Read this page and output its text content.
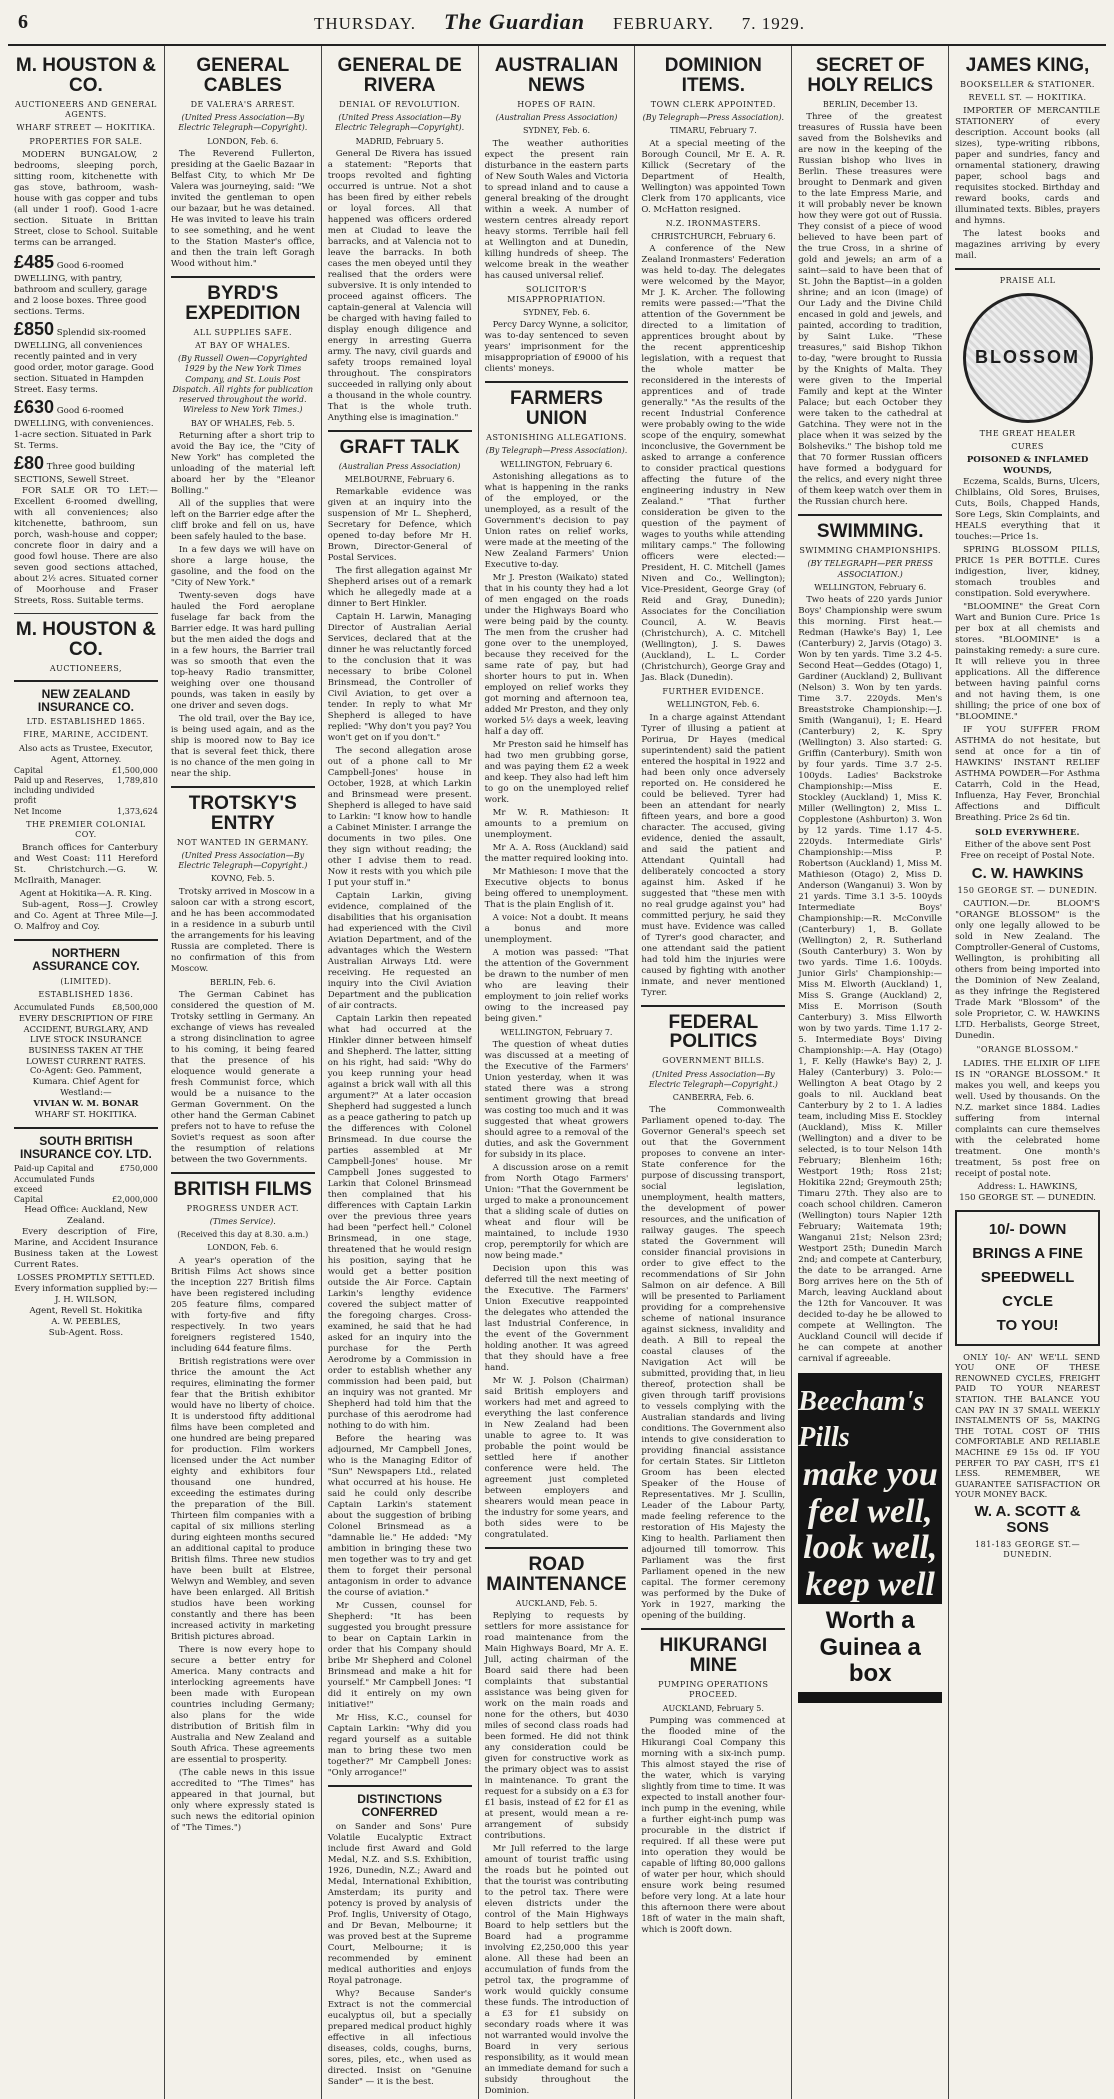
6	THURSDAY. The Guardian FEBRUARY. 7. 1929.

M. HOUSTON & CO.
AUCTIONEERS AND GENERAL AGENTS.
WHARF STREET — HOKITIKA.
PROPERTIES FOR SALE.

MODERN BUNGALOW, 2 bedrooms, sleeping porch, sitting room, kitchenette with gas stove, bathroom, wash-house with gas copper and tubs (all under 1 roof). Good 1-acre section. Situate in Brittan Street, close to School. Suitable terms can be arranged.

£485 Good 6-roomed DWELLING, with pantry, bathroom and scullery, garage and 2 loose boxes. Three good sections. Terms.
£850 Splendid six-roomed DWELLING, all conveniences recently painted and in very good order, motor garage. Good section. Situated in Hampden Street. Easy terms.
£630 Good 6-roomed DWELLING, with conveniences. 1-acre section. Situated in Park St. Terms.
£80 Three good building SECTIONS, Sewell Street.

FOR SALE OR TO LET:—Excellent 6-roomed dwelling, with all conveniences; also kitchenette, bathroom, sun porch, wash-house and copper; concrete floor in dairy and a good fowl house. There are also seven good sections attached, about 2½ acres. Situated corner of Moorhouse and Fraser Streets, Ross. Suitable terms.

M. HOUSTON & CO.
AUCTIONEERS,
NEW ZEALAND INSURANCE CO.
LTD. ESTABLISHED 1865.
FIRE, MARINE, ACCIDENT.
Also acts as Trustee, Executor, Agent, Attorney.
Capital	£1,500,000
Paid up and Reserves, including undivided profit
1,789,810
Net Income	1,373,624
THE PREMIER COLONIAL COY.

Branch offices for Canterbury and West Coast: 111 Hereford St. Christchurch.—G. W. McIlraith, Manager.

Agent at Hokitika—A. R. King.

Sub-agent, Ross—J. Crowley and Co. Agent at Three Mile—J. O. Malfroy and Coy.

NORTHERN ASSURANCE COY.
(LIMITED).
ESTABLISHED 1836.
Accumulated Funds £8,500,000
EVERY DESCRIPTION OF FIRE ACCIDENT, BURGLARY, AND LIVE STOCK INSURANCE BUSINESS TAKEN AT THE LOWEST CURRENT RATES.
Co-Agent: Geo. Pamment, Kumara. Chief Agent for Westland:—
VIVIAN W. M. BONAR
WHARF ST. HOKITIKA.
SOUTH BRITISH INSURANCE COY. LTD.
Paid-up Capital and Accumulated Funds exceed
£750,000
Capital	£2,000,000
Head Office: Auckland, New Zealand.

Every description of Fire, Marine, and Accident Insurance Business taken at the Lowest Current Rates.

LOSSES PROMPTLY SETTLED.
Every information supplied by:—
J. H. WILSON,
Agent, Revell St. Hokitika
A. W. PEEBLES,
Sub-Agent. Ross.
GENERAL CABLES
DE VALERA'S ARREST.
(United Press Association—By Electric Telegraph—Copyright).
LONDON, Feb. 6.

The Reverend Fullerton, presiding at the Gaelic Bazaar in Belfast City, to which Mr De Valera was journeying, said: "We invited the gentleman to open our bazaar, but he was detained. He was invited to leave his train to see something, and he went to the Station Master's office, and then the train left Goragh Wood without him."

BYRD'S EXPEDITION
ALL SUPPLIES SAFE.
AT BAY OF WHALES.
(By Russell Owen—Copyrighted 1929 by the New York Times Company, and St. Louis Post Dispatch. All rights for publication reserved throughout the world. Wireless to New York Times.)
BAY OF WHALES, Feb. 5.

Returning after a short trip to avoid the Bay ice, the "City of New York" has completed the unloading of the material left aboard her by the "Eleanor Bolling."

All of the supplies that were left on the Barrier edge after the cliff broke and fell on us, have been safely hauled to the base.

In a few days we will have on shore a large house, the gasoline, and the food on the "City of New York."

Twenty-seven dogs have hauled the Ford aeroplane fuselage far back from the Barrier edge. It was hard pulling but the men aided the dogs and in a few hours, the Barrier trail was so smooth that even the top-heavy Radio transmitter, weighing over one thousand pounds, was taken in easily by one driver and seven dogs.

The old trail, over the Bay ice, is being used again, and as the ship is moored now to Bay ice that is several feet thick, there is no chance of the men going in near the ship.

TROTSKY'S ENTRY
NOT WANTED IN GERMANY.
(United Press Association—By Electric Telegraph—Copyright.)
KOVNO, Feb. 5.

Trotsky arrived in Moscow in a saloon car with a strong escort, and he has been accommodated in a residence in a suburb until the arrangements for his leaving Russia are completed. There is no confirmation of this from Moscow.

BERLIN, Feb. 6.

The German Cabinet has considered the question of M. Trotsky settling in Germany. An exchange of views has revealed a strong disinclination to agree to his coming, it being feared that the presence of his eloquence would generate a fresh Communist force, which would be a nuisance to the German Government. On the other hand the German Cabinet prefers not to have to refuse the Soviet's request as soon after the resumption of relations between the two Governments.

BRITISH FILMS
PROGRESS UNDER ACT.
(Times Service).
(Received this day at 8.30. a.m.)
LONDON, Feb. 6.

A year's operation of the British Films Act shows since the inception 227 British films have been registered including 205 feature films, compared with forty-five and fifty respectively. In two years foreigners registered 1540, including 644 feature films.

British registrations were over thrice the amount the Act requires, eliminating the former fear that the British exhibitor would have no liberty of choice. It is understood fifty additional films have been completed and one hundred are being prepared for production. Film workers licensed under the Act number eighty and exhibitors four thousand one hundred, exceeding the estimates during the preparation of the Bill. Thirteen film companies with a capital of six millions sterling during eighteen months secured an additional capital to produce British films. Three new studios have been built at Elstree, Welwyn and Wembley, and seven have been enlarged. All British studios have been working constantly and there has been increased activity in marketing British pictures abroad.

There is now every hope to secure a better entry for America. Many contracts and interlocking agreements have been made with European countries including Germany; also plans for the wide distribution of British film in Australia and New Zealand and South Africa. These agreements are essential to prosperity.

(The cable news in this issue accredited to "The Times" has appeared in that journal, but only where expressly stated is such news the editorial opinion of "The Times.")

GENERAL DE RIVERA
DENIAL OF REVOLUTION.
(United Press Association—By Electric Telegraph—Copyright).
MADRID, February 5.

General De Rivera has issued a statement: "Reports that troops revolted and fighting occurred is untrue. Not a shot has been fired by either rebels or loyal forces. All that happened was officers ordered men at Ciudad to leave the barracks, and at Valencia not to leave the barracks. In both cases the men obeyed until they realised that the orders were subversive. It is only intended to proceed against officers. The captain-general at Valencia will be charged with having failed to display enough diligence and energy in arresting Guerra army. The navy, civil guards and safety troops remained loyal throughout. The conspirators succeeded in rallying only about a thousand in the whole country. That is the whole truth. Anything else is imagination."

GRAFT TALK
(Australian Press Association)
MELBOURNE, February 6.

Remarkable evidence was given at an inquiry into the suspension of Mr L. Shepherd, Secretary for Defence, which opened to-day before Mr H. Brown, Director-General of Postal Services.

The first allegation against Mr Shepherd arises out of a remark which he allegedly made at a dinner to Bert Hinkler.

Captain H. Larwin, Managing Director of Australian Aerial Services, declared that at the dinner he was reluctantly forced to the conclusion that it was necessary to bribe Colonel Brinsmead, the Controller of Civil Aviation, to get over a tender. In reply to what Mr Shepherd is alleged to have replied: "Why don't you pay? You won't get on if you don't."

The second allegation arose out of a phone call to Mr Campbell-Jones' house in October, 1928, at which Larkin and Brinsmead were present. Shepherd is alleged to have said to Larkin: "I know how to handle a Cabinet Minister. I arrange the documents in two piles. One they sign without reading; the other I advise them to read. Now it rests with you which pile I put your stuff in."

Captain Larkin, giving evidence, complained of the disabilities that his organisation had experienced with the Civil Aviation Department, and of the advantages which the Western Australian Airways Ltd. were receiving. He requested an inquiry into the Civil Aviation Department and the publication of air contracts.

Captain Larkin then repeated what had occurred at the Hinkler dinner between himself and Shepherd. The latter, sitting on his right, had said: "Why do you keep running your head against a brick wall with all this argument?" At a later occasion Shepherd had suggested a lunch as a peace gathering to patch up the differences with Colonel Brinsmead. In due course the parties assembled at Mr Campbell-Jones' house. Mr Campbell Jones suggested to Larkin that Colonel Brinsmead then complained that his differences with Captain Larkin over the previous three years had been "perfect hell." Colonel Brinsmead, in one stage, threatened that he would resign his position, saying that he would get a better position outside the Air Force. Captain Larkin's lengthy evidence covered the subject matter of the foregoing charges. Cross-examined, he said that he had asked for an inquiry into the purchase for the Perth Aerodrome by a Commission in order to establish whether any commission had been paid, but an inquiry was not granted. Mr Shepherd had told him that the purchase of this aerodrome had nothing to do with him.

Before the hearing was adjourned, Mr Campbell Jones, who is the Managing Editor of "Sun" Newspapers Ltd., related what occurred at his house. He said he could only describe Captain Larkin's statement about the suggestion of bribing Colonel Brinsmead as a "damnable lie." He added: "My ambition in bringing these two men together was to try and get them to forget their personal antagonism in order to advance the course of aviation."

Mr Cussen, counsel for Shepherd: "It has been suggested you brought pressure to bear on Captain Larkin in order that his Company should bribe Mr Shepherd and Colonel Brinsmead and make a hit for yourself." Mr Campbell Jones: "I did it entirely on my own initiative!"

Mr Hiss, K.C., counsel for Captain Larkin: "Why did you regard yourself as a suitable man to bring these two men together?" Mr Campbell Jones: "Only arrogance!"

DISTINCTIONS CONFERRED

on Sander and Sons' Pure Volatile Eucalyptic Extract include first Award and Gold Medal, N.Z. and S.S. Exhibition, 1926, Dunedin, N.Z.; Award and Medal, International Exhibition, Amsterdam; its purity and potency is proved by analysis of Prof. Inglis, University of Otago, and Dr Bevan, Melbourne; it was proved best at the Supreme Court, Melbourne; it is recommended by eminent medical authorities and enjoys Royal patronage.

Why? Because Sander's Extract is not the commercial eucalyptus oil, but a specially prepared medical product highly effective in all infectious diseases, colds, coughs, burns, sores, piles, etc., when used as directed. Insist on "Genuine Sander" — it is the best.

AUSTRALIAN NEWS
HOPES OF RAIN.
(Australian Press Association)
SYDNEY, Feb. 6.

The weather authorities expect the present rain disturbance in the eastern parts of New South Wales and Victoria to spread inland and to cause a general breaking of the drought within a week. A number of western centres already report heavy storms. Terrible hail fell at Wellington and at Dunedin, killing hundreds of sheep. The welcome break in the weather has caused universal relief.

SOLICITOR'S MISAPPROPRIATION.
SYDNEY, Feb. 6.

Percy Darcy Wynne, a solicitor, was to-day sentenced to seven years' imprisonment for the misappropriation of £9000 of his clients' moneys.

FARMERS UNION
ASTONISHING ALLEGATIONS.
(By Telegraph—Press Association).
WELLINGTON, February 6.

Astonishing allegations as to what is happening in the ranks of the employed, or the unemployed, as a result of the Government's decision to pay Union rates on relief works, were made at the meeting of the New Zealand Farmers' Union Executive to-day.

Mr J. Preston (Waikato) stated that in his county they had a lot of men engaged on the roads under the Highways Board who were being paid by the county. The men from the crusher had gone over to the unemployed, because they received for the same rate of pay, but had shorter hours to put in. When employed on relief works they got morning and afternoon tea, added Mr Preston, and they only worked 5½ days a week, leaving half a day off.

Mr Preston said he himself has had two men grubbing gorse, and was paying them £2 a week and keep. They also had left him to go on the unemployed relief work.

Mr W. R. Mathieson: It amounts to a premium on unemployment.

Mr A. A. Ross (Auckland) said the matter required looking into.

Mr Mathieson: I move that the Executive objects to bonus being offered to unemployment. That is the plain English of it.

A voice: Not a doubt. It means a bonus and more unemployment.

A motion was passed: "That the attention of the Government be drawn to the number of men who are leaving their employment to join relief works owing to the increased pay being given."

WELLINGTON, February 7.

The question of wheat duties was discussed at a meeting of the Executive of the Farmers' Union yesterday, when it was stated there was a strong sentiment growing that bread was costing too much and it was suggested that wheat growers should agree to a removal of the duties, and ask the Government for subsidy in its place.

A discussion arose on a remit from North Otago Farmers' Union: "That the Government be urged to make a pronouncement that a sliding scale of duties on wheat and flour will be maintained, to include 1930 crop, peremptorily for which are now being made."

Decision upon this was deferred till the next meeting of the Executive. The Farmers' Union Executive reappointed the delegates who attended the last Industrial Conference, in the event of the Government holding another. It was agreed that they should have a free hand.

Mr W. J. Polson (Chairman) said British employers and workers had met and agreed to everything the last conference in New Zealand had been unable to agree to. It was probable the point would be settled here if another conference were held. The agreement just completed between employers and shearers would mean peace in the industry for some years, and both sides were to be congratulated.

ROAD MAINTENANCE
AUCKLAND, Feb. 5.

Replying to requests by settlers for more assistance for road maintenance from the Main Highways Board, Mr A. E. Jull, acting chairman of the Board said there had been complaints that substantial assistance was being given for work on the main roads and none for the others, but 4030 miles of second class roads had been formed. He did not think any consideration could be given for constructive work as the primary object was to assist in maintenance. To grant the request for a subsidy on a £3 for £1 basis, instead of £2 for £1 as at present, would mean a re-arrangement of subsidy contributions.

Mr Jull referred to the large amount of tourist traffic using the roads but he pointed out that the tourist was contributing to the petrol tax. There were eleven districts under the control of the Main Highways Board to help settlers but the Board had a programme involving £2,250,000 this year alone. All these had been an accumulation of funds from the petrol tax, the programme of work would quickly consume these funds. The introduction of a £3 for £1 subsidy on secondary roads where it was not warranted would involve the Board in very serious responsibility, as it would mean an immediate demand for such a subsidy throughout the Dominion.

DOMINION ITEMS.
TOWN CLERK APPOINTED.
(By Telegraph—Press Association).
TIMARU, February 7.

At a special meeting of the Borough Council, Mr E. A. R. Killick (Secretary of the Department of Health, Wellington) was appointed Town Clerk from 170 applicants, vice O. McHatton resigned.

N.Z. IRONMASTERS.
CHRISTCHURCH, February 6.

A conference of the New Zealand Ironmasters' Federation was held to-day. The delegates were welcomed by the Mayor, Mr J. K. Archer. The following remits were passed:—"That the attention of the Government be directed to a limitation of apprentices brought about by the recent apprenticeship legislation, with a request that the whole matter be reconsidered in the interests of apprentices and of trade generally." "As the results of the recent Industrial Conference were probably owing to the wide scope of the enquiry, somewhat inconclusive, the Government be asked to arrange a conference to consider practical questions affecting the future of the engineering industry in New Zealand." "That further consideration be given to the question of the payment of wages to youths while attending military camps." The following officers were elected:—President, H. C. Mitchell (James Niven and Co., Wellington); Vice-President, George Gray (of Reid and Gray, Dunedin); Associates for the Conciliation Council, A. W. Beavis (Christchurch), A. C. Mitchell (Wellington), J. S. Dawes (Auckland), L. L. Corder (Christchurch), George Gray and Jas. Black (Dunedin).

FURTHER EVIDENCE.
WELLINGTON, Feb. 6.

In a charge against Attendant Tyrer of illusing a patient at Porirua, Dr Hayes (medical superintendent) said the patient entered the hospital in 1922 and had been only once adversely reported on. He considered he could be believed. Tyrer had been an attendant for nearly fifteen years, and bore a good character. The accused, giving evidence, denied the assault, and said the patient and Attendant Quintall had deliberately concocted a story against him. Asked if he suggested that "these men with no real grudge against you" had committed perjury, he said they must have. Evidence was called of Tyrer's good character, and one attendant said the patient had told him the injuries were caused by fighting with another inmate, and never mentioned Tyrer.

FEDERAL POLITICS
GOVERNMENT BILLS.
(United Press Association—By Electric Telegraph—Copyright.)
CANBERRA, Feb. 6.

The Commonwealth Parliament opened to-day. The Governor General's speech set out that the Government proposes to convene an inter-State conference for the purpose of discussing transport, social legislation, unemployment, health matters, the development of power resources, and the unification of railway gauges. The speech stated the Government will consider financial provisions in order to give effect to the recommendations of Sir John Salmon on air defence. A Bill will be presented to Parliament providing for a comprehensive scheme of national insurance against sickness, invalidity and death. A Bill to repeal the coastal clauses of the Navigation Act will be submitted, providing that, in lieu thereof, protection shall be given through tariff provisions to vessels complying with the Australian standards and living conditions. The Government also intends to give consideration to providing financial assistance for certain States. Sir Littleton Groom has been elected Speaker of the House of Representatives. Mr J. Scullin, Leader of the Labour Party, made feeling reference to the restoration of His Majesty the King to health. Parliament then adjourned till tomorrow. This Parliament was the first Parliament opened in the new capital. The former ceremony was performed by the Duke of York in 1927, marking the opening of the building.

HIKURANGI MINE
PUMPING OPERATIONS PROCEED.
AUCKLAND, February 5.

Pumping was commenced at the flooded mine of the Hikurangi Coal Company this morning with a six-inch pump. This almost stayed the rise of the water, which is varying slightly from time to time. It was expected to install another four-inch pump in the evening, while a further eight-inch pump was procurable in the district if required. If all these were put into operation they would be capable of lifting 80,000 gallons of water per hour, which should ensure work being resumed before very long. At a late hour this afternoon there were about 18ft of water in the main shaft, which is 200ft down.

SECRET OF HOLY RELICS
BERLIN, December 13.

Three of the greatest treasures of Russia have been saved from the Bolsheviks and are now in the keeping of the Russian bishop who lives in Berlin. These treasures were brought to Denmark and given to the late Empress Marie, and it will probably never be known how they were got out of Russia. They consist of a piece of wood believed to have been part of the true Cross, in a shrine of gold and jewels; an arm of a saint—said to have been that of St. John the Baptist—in a golden shrine; and an icon (image) of Our Lady and the Divine Child encased in gold and jewels, and painted, according to tradition, by Saint Luke. "These treasures," said Bishop Tikhon to-day, "were brought to Russia by the Knights of Malta. They were given to the Imperial Family and kept at the Winter Palace; but each October they were taken to the cathedral at Gatchina. They were not in the place when it was seized by the Bolsheviks." The bishop told me that 70 former Russian officers have formed a bodyguard for the relics, and every night three of them keep watch over them in the Russian church here.

SWIMMING.
SWIMMING CHAMPIONSHIPS.
(BY TELEGRAPH—PER PRESS ASSOCIATION.)
WELLINGTON, February 6.

Two heats of 220 yards Junior Boys' Championship were swum this morning. First heat.—Redman (Hawke's Bay) 1, Lee (Canterbury) 2, Jarvis (Otago) 3. Won by ten yards. Time 3.2 4-5. Second Heat—Geddes (Otago) 1, Gardiner (Auckland) 2, Bullivant (Nelson) 3. Won by ten yards. Time 3.7. 220yds. Men's Breaststroke Championship:—J. Smith (Wanganui), 1; E. Heard (Canterbury) 2, K. Spry (Wellington) 3. Also started: G. Griffin (Canterbury). Smith won by four yards. Time 3.7 2-5. 100yds. Ladies' Backstroke Championship:—Miss E. Stockley (Auckland) 1, Miss K. Miller (Wellington) 2, Miss L. Copplestone (Ashburton) 3. Won by 12 yards. Time 1.17 4-5. 220yds. Intermediate Girls' Championship:—Miss P. Robertson (Auckland) 1, Miss M. Mathieson (Otago) 2, Miss D. Anderson (Wanganui) 3. Won by 21 yards. Time 3.1 3-5. 100yds Intermediate Boys' Championship:—R. McConville (Canterbury) 1, B. Gollate (Wellington) 2, R. Sutherland (South Canterbury) 3. Won by two yards. Time 1.6. 100yds. Junior Girls' Championship:—Miss M. Elworth (Auckland) 1, Miss S. Grange (Auckland) 2, Miss E. Morrison (South Canterbury) 3. Miss Ellworth won by two yards. Time 1.17 2-5. Intermediate Boys' Diving Championship:—A. Hay (Otago) 1, F. Kelly (Hawke's Bay) 2, J. Haley (Canterbury) 3. Polo:—Wellington A beat Otago by 2 goals to nil. Auckland beat Canterbury by 2 to 1. A ladies team, including Miss E. Stockley (Auckland), Miss K. Miller (Wellington) and a diver to be selected, is to tour Nelson 14th February; Blenheim 16th; Westport 19th; Ross 21st; Hokitika 22nd; Greymouth 25th; Timaru 27th. They also are to coach school children. Cameron (Wellington) tours Napier 12th February; Waitemata 19th; Wanganui 21st; Nelson 23rd; Westport 25th; Dunedin March 2nd; and compete at Canterbury, the date to be arranged. Arne Borg arrives here on the 5th of March, leaving Auckland about the 12th for Vancouver. It was decided to-day he be allowed to compete at Wellington. The Auckland Council will decide if he can compete at another carnival if agreeable.

Beecham's Pills
make you
feel well,
look well,
keep well
Worth a Guinea a box
JAMES KING,
BOOKSELLER & STATIONER.
REVELL ST. — HOKITIKA.

IMPORTER OF MERCANTILE STATIONERY of every description. Account books (all sizes), type-writing ribbons, paper and sundries, fancy and ornamental stationery, drawing paper, school bags and requisites stocked. Birthday and reward books, cards and illuminated texts. Bibles, prayers and hymns.

The latest books and magazines arriving by every mail.

PRAISE ALL
BLOSSOM
THE GREAT HEALER
CURES
POISONED & INFLAMED WOUNDS,

Eczema, Scalds, Burns, Ulcers, Chilblains, Old Sores, Bruises, Cuts, Boils, Chapped Hands, Sore Legs, Skin Complaints, and HEALS everything that it touches:—Price 1s.

SPRING BLOSSOM PILLS, PRICE 1s PER BOTTLE. Cures indigestion, liver, kidney, stomach troubles and constipation. Sold everywhere.

"BLOOMINE" the Great Corn Wart and Bunion Cure. Price 1s per box at all chemists and stores. "BLOOMINE" is a painstaking remedy: a sure cure. It will relieve you in three applications. All the difference between having painful corns and not having them, is one shilling; the price of one box of "BLOOMINE."

IF YOU SUFFER FROM ASTHMA do not hesitate, but send at once for a tin of HAWKINS' INSTANT RELIEF ASTHMA POWDER—For Asthma Catarrh, Cold in the Head, Influenza, Hay Fever, Bronchial Affections and Difficult Breathing. Price 2s 6d tin.

SOLD EVERYWHERE.
Either of the above sent Post Free on receipt of Postal Note.
C. W. HAWKINS
150 GEORGE ST. — DUNEDIN.

CAUTION.—Dr. BLOOM'S "ORANGE BLOSSOM" is the only one legally allowed to be sold in New Zealand. The Comptroller-General of Customs, Wellington, is prohibiting all others from being imported into the Dominion of New Zealand, as they infringe the Registered Trade Mark "Blossom" of the sole Proprietor, C. W. HAWKINS LTD. Herbalists, George Street, Dunedin.

"ORANGE BLOSSOM."

LADIES. THE ELIXIR OF LIFE IS IN "ORANGE BLOSSOM." It makes you well, and keeps you well. Used by thousands. On the N.Z. market since 1884. Ladies suffering from internal complaints can cure themselves with the celebrated home treatment. One month's treatment, 5s post free on receipt of postal note.

Address: L. HAWKINS,
150 GEORGE ST. — DUNEDIN.
10/- DOWN
BRINGS A FINE
SPEEDWELL CYCLE
TO YOU!

ONLY 10/- AN' WE'LL SEND YOU ONE OF THESE RENOWNED CYCLES, FREIGHT PAID TO YOUR NEAREST STATION. THE BALANCE YOU CAN PAY IN 37 SMALL WEEKLY INSTALMENTS OF 5s, MAKING THE TOTAL COST OF THIS COMFORTABLE AND RELIABLE MACHINE £9 15s 0d. IF YOU PERFER TO PAY CASH, IT'S £1 LESS. REMEMBER, WE GUARANTEE SATISFACTION OR YOUR MONEY BACK.

W. A. SCOTT & SONS
181-183 GEORGE ST.—DUNEDIN.
